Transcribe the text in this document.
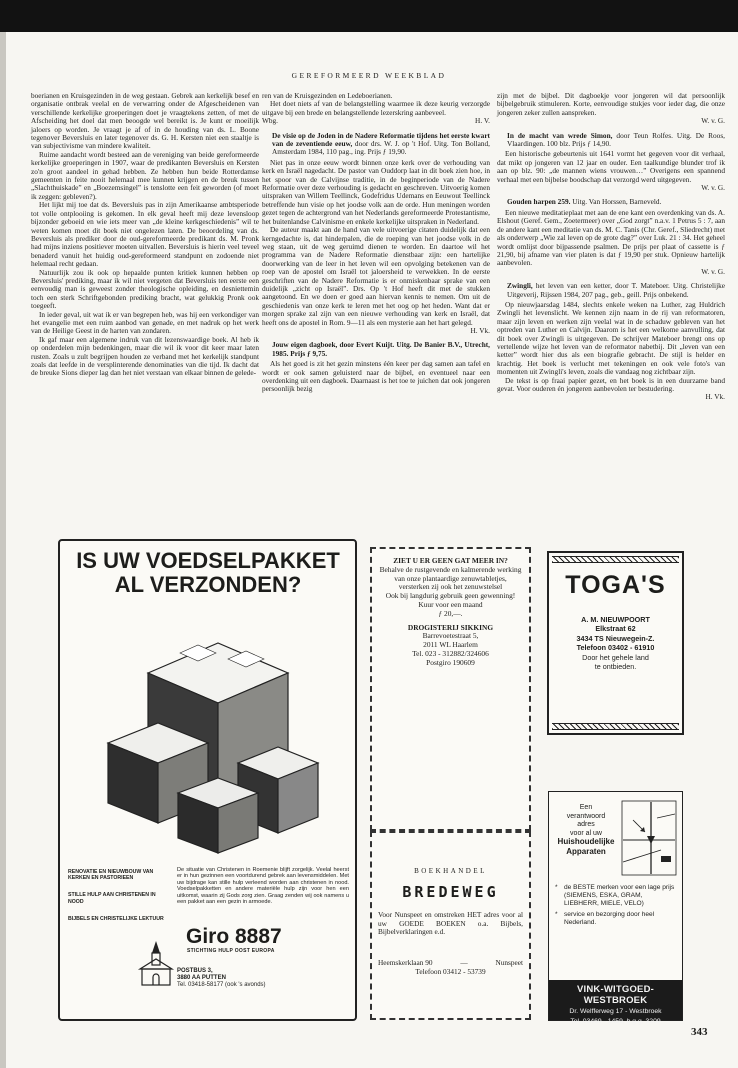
GEREFORMEERD WEEKBLAD

boerianen en Kruisgezinden in de weg gestaan. Gebrek aan kerkelijk besef en organisatie ontbrak veelal en de verwarring onder de Afgescheidenen van verschillende kerkelijke groeperingen doet je vraagtekens zetten, of met de Afscheiding het doel dat men beoogde wel bereikt is. Je kunt er moeilijk jaloers op worden. Je vraagt je af of in de houding van ds. L. Boone tegenover Beversluis en later tegenover ds. G. H. Kersten niet een staaltje is van subjectivisme van mindere kwaliteit.

Ruime aandacht wordt besteed aan de vereniging van beide gereformeerde kerkelijke groeperingen in 1907, waar de predikanten Beversluis en Kersten zo'n groot aandeel in gehad hebben. Ze hebben hun beide Rotterdamse gemeenten in feite nooit helemaal mee kunnen krijgen en de breuk tussen „Slachthuiskade” en „Boezemsingel” is tenslotte een feit geworden (of moet ik zeggen: gebleven?).

Het lijkt mij toe dat ds. Beversluis pas in zijn Amerikaanse ambtsperiode tot volle ontplooiing is gekomen. In elk geval heeft mij deze levensloop bijzonder geboeid en wie iets meer van „de kleine kerkgeschiedenis” wil te weten komen moet dit boek niet ongelezen laten. De beoordeling van ds. Beversluis als prediker door de oud-gereformeerde predikant ds. M. Pronk had mijns inziens positiever moeten uitvallen. Beversluis is hierin veel teveel benaderd vanuit het huidig oud-gereformeerd standpunt en zodoende niet helemaal recht gedaan.

Natuurlijk zou ik ook op hepaalde punten kritiek kunnen hebben op Beversluis' prediking, maar ik wil niet vergeten dat Beversluis ten eerste een eenvoudig man is geweest zonder theologische opleiding, en desniettemin toch een sterk Schriftgebonden prediking bracht, wat gelukkig Pronk ook toegeeft.

In ieder geval, uit wat ik er van begrepen heb, was hij een verkondiger van het evangelie met een ruim aanbod van genade, en met nadruk op het werk van de Heilige Geest in de harten van zondaren.

Ik gaf maar een algemene indruk van dit lezenswaardige boek. Al heb ik op onderdelen mijn bedenkingen, maar die wil ik voor dit keer maar laten rusten. Zoals u zult begrijpen houden ze verband met het kerkelijk standpunt zoals dat leefde in de versplinterende denominaties van die tijd. Ik dacht dat de breuke Sions dieper lag dan het niet verstaan van elkaar binnen de gelede-

ren van de Kruisgezinden en Ledeboerianen.

Het doet niets af van de belangstelling waarmee ik deze keurig verzorgde uitgave bij een brede en belangstellende lezerskring aanbeveel.

Wbg.	H. V.

De visie op de Joden in de Nadere Reformatie tijdens het eerste kwart van de zeventiende eeuw, door drs. W. J. op 't Hof. Uitg. Ton Bolland, Amsterdam 1984, 110 pag., ing. Prijs ƒ 19,90.

Niet pas in onze eeuw wordt binnen onze kerk over de verhouding van kerk en Israël nagedacht. De pastor van Ouddorp laat in dit boek zien hoe, in het spoor van de Calvijnse traditie, in de beginperiode van de Nadere Reformatie over deze verhouding is gedacht en geschreven. Uitvoerig komen uitspraken van Willem Teellinck, Godefridus Udemans en Eeuwout Teellinck betreffende hun visie op het joodse volk aan de orde. Hun meningen worden gezet tegen de achtergrond van het Nederlands gereformeerde Protestantisme, het buitenlandse Calvinisme en enkele kerkelijke uitspraken in Nederland.

De auteur maakt aan de hand van vele uitvoerige citaten duidelijk dat een kerngedachte is, dat hinderpalen, die de roeping van het joodse volk in de weg staan, uit de weg geruimd dienen te worden. En daartoe wil het programma van de Nadere Reformatie dienstbaar zijn: een hartelijke doorwerking van de leer in het leven wil een opvolging betekenen van de roep van de apostel om Israël tot jaloersheid te verwekken. In de eerste geschriften van de Nadere Reformatie is er onmiskenbaar sprake van een duidelijk „zicht op Israël”. Drs. Op 't Hof heeft dit met de stukken aangetoond. En we doen er goed aan hiervan kennis te nemen. Om uit de geschiedenis van onze kerk te leren met het oog op het heden. Want dat er morgen sprake zal zijn van een nieuwe verhouding van kerk en Israël, dat heeft ons de apostel in Rom. 9—11 als een mysterie aan het hart gelegd.

H. Vk.

Jouw eigen dagboek, door Evert Kuijt. Uitg. De Banier B.V., Utrecht, 1985. Prijs ƒ 9,75.

Als het goed is zit het gezin minstens één keer per dag samen aan tafel en wordt er ook samen geluisterd naar de bijbel, en eventueel naar een overdenking uit een dagboek. Daarnaast is het toe te juichen dat ook jongeren persoonlijk bezig

zijn met de bijbel. Dit dagboekje voor jongeren wil dat persoonlijk bijbelgebruik stimuleren. Korte, eenvoudige stukjes voor ieder dag, die onze jongeren zeker zullen aanspreken.

W. v. G.

In de macht van wrede Simon, door Teun Rolfes. Uitg. De Roos, Vlaardingen. 100 blz. Prijs ƒ 14,90.

Een historische gebeurtenis uit 1641 vormt het gegeven voor dit verhaal, dat mikt op jongeren van 12 jaar en ouder. Een taalkundige blunder trof ik aan op blz. 90: „de mannen wiens vrouwen…” Overigens een spannend verhaal met een bijbelse boodschap dat verzorgd werd uitgegeven.

W. v. G.

Gouden harpen 259. Uitg. Van Horssen, Barneveld.

Een nieuwe meditatieplaat met aan de ene kant een overdenking van ds. A. Elshout (Geref. Gem., Zoetermeer) over „God zorgt” n.a.v. 1 Petrus 5 : 7, aan de andere kant een meditatie van ds. M. C. Tanis (Chr. Geref., Sliedrecht) met als onderwerp „Wie zal leven op de grote dag?” over Luk. 21 : 34. Het geheel wordt omlijst door bijpassende psalmen. De prijs per plaat of cassette is ƒ 21,90, bij afname van vier platen is dat ƒ 19,90 per stuk. Opnieuw hartelijk aanbevolen.

W. v. G.

Zwingli, het leven van een ketter, door T. Mateboer. Uitg. Christelijke Uitgeverij, Rijssen 1984, 207 pag., geb., geill. Prijs onbekend.

Op nieuwjaarsdag 1484, slechts enkele weken na Luther, zag Huldrich Zwingli het levenslicht. We kennen zijn naam in de rij van reformatoren, maar zijn leven en werken zijn veelal wat in de schaduw gebleven van het optreden van Luther en Calvijn. Daarom is het een welkome aanvulling, dat dit boek over Zwingli is uitgegeven. De schrijver Mateboer brengt ons op vertellende wijze het leven van de reformator nabetbij. Dit „leven van een ketter” wordt hier dus als een biografie gebracht. De stijl is helder en krachtig. Het boek is verlucht met tekeningen en ook vele foto's van momenten uit Zwingli's leven, zoals die vandaag nog zichtbaar zijn.

De tekst is op fraai papier gezet, en het boek is in een duurzame band gevat. Voor ouderen én jongeren aanbevolen ter bestudering.

H. Vk.

IS UW VOEDSELPAKKET
AL VERZONDEN?
RENOVATIE EN NIEUWBOUW VAN KERKEN EN PASTORIEEN
STILLE HULP AAN CHRISTENEN IN NOOD
BIJBELS EN CHRISTELIJKE LEKTUUR
De situatie van Christenen in Roemenie blijft zorgelijk. Veelal heerst er in hun gezinnen een voortdurend gebrek aan levensmiddelen. Met uw bijdrage kan stille hulp verleend worden aan christenen in nood. Voedselpakketten en andere materiële hulp zijn voor hen een uitkomst, waarin zij Gods zorg zien. Graag zenden wij ook namens u een pakket aan een gezin in armoede.
Giro 8887
STICHTING HULP OOST EUROPA
POSTBUS 3,
3880 AA PUTTEN
Tel. 03418-58177 (ook 's avonds)
ZIET U ER GEEN GAT MEER IN?
Behalve de rustgevende en kalmerende werking van onze plantaardige zenuwtabletjes, versterken zij ook het zenuwstelsel
Ook bij langdurig gebruik geen gewenning!
Kuur voor een maand
ƒ 20,—.
DROGISTERIJ SIKKING
Barrevoetestraat 5,
2011 WL Haarlem
Tel. 023 - 312882/324606
Postgiro 190609
BOEKHANDEL
BREDEWEG
Voor Nunspeet en omstreken HET adres voor al uw GOEDE BOEKEN o.a. Bijbels, Bijbelverklaringen e.d.
Heemskerklaan 90	—	Nunspeet
Telefoon 03412 - 53739
TOGA'S
A. M. NIEUWPOORT
Elkstraat 62
3434 TS Nieuwegein-Z.
Telefoon 03402 - 61910
Door het gehele land
te ontbieden.
Een
verantwoord
adres
voor al uw
Huishoudelijke
Apparaten
* de BESTE merken voor een lage prijs (SIEMENS, ESKA, GRAM, LIEBHERR, MIELE, VELO)
* service en bezorging door heel Nederland.
VINK-WITGOED-WESTBROEK
Dr. Welfferweg 17 - Westbroek
Tel. 03469 - 1459, b.g.g. 3209
343
